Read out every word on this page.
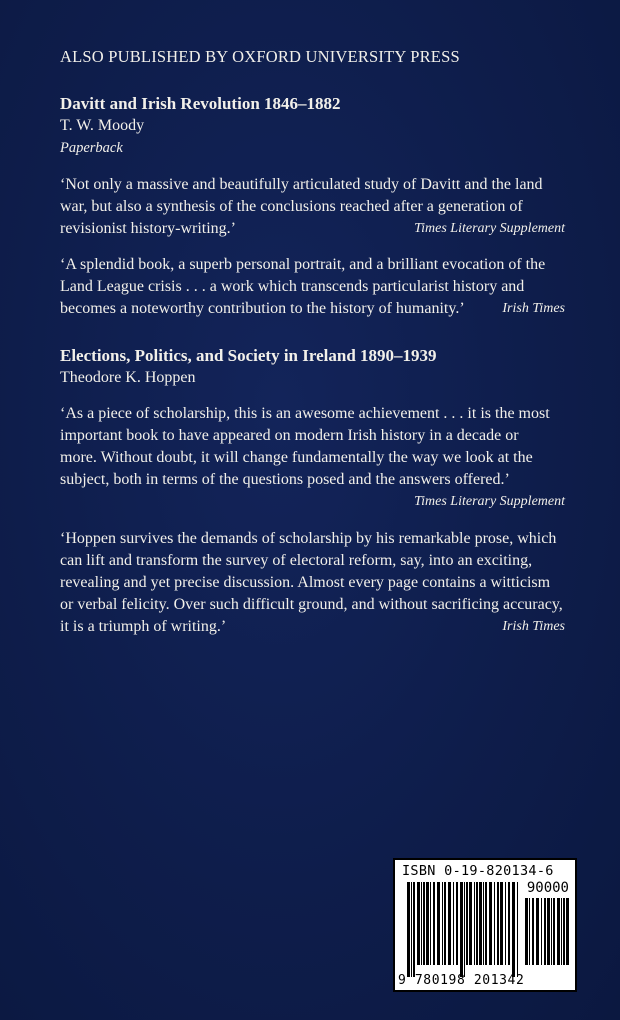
ALSO PUBLISHED BY OXFORD UNIVERSITY PRESS
Davitt and Irish Revolution 1846–1882
T. W. Moody
Paperback
‘Not only a massive and beautifully articulated study of Davitt and the land
war, but also a synthesis of the conclusions reached after a generation of
revisionist history-writing.’	Times Literary Supplement
‘A splendid book, a superb personal portrait, and a brilliant evocation of the
Land League crisis . . . a work which transcends particularist history and
becomes a noteworthy contribution to the history of humanity.’	Irish Times
Elections, Politics, and Society in Ireland 1890–1939
Theodore K. Hoppen
‘As a piece of scholarship, this is an awesome achievement . . . it is the most
important book to have appeared on modern Irish history in a decade or
more. Without doubt, it will change fundamentally the way we look at the
subject, both in terms of the questions posed and the answers offered.’
Times Literary Supplement
‘Hoppen survives the demands of scholarship by his remarkable prose, which
can lift and transform the survey of electoral reform, say, into an exciting,
revealing and yet precise discussion. Almost every page contains a witticism
or verbal felicity. Over such difficult ground, and without sacrificing accuracy,
it is a triumph of writing.’	Irish Times
ISBN 0-19-820134-6
90000
9 780198 201342
